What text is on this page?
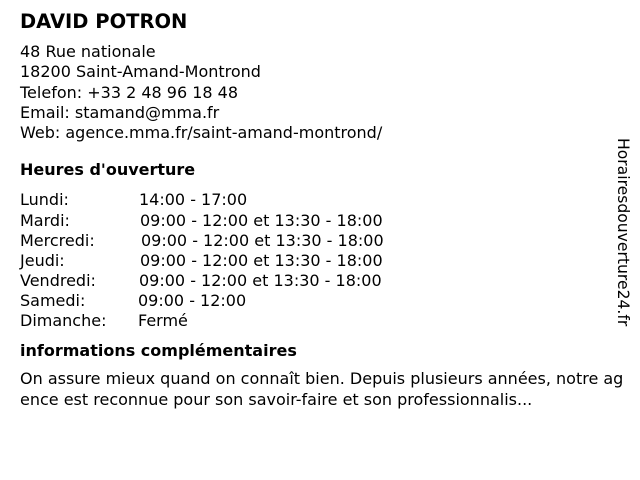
DAVID POTRON
48 Rue nationale
18200 Saint-Amand-Montrond
Telefon: +33 2 48 96 18 48
Email: stamand@mma.fr
Web: agence.mma.fr/saint-amand-montrond/
Heures d'ouverture
Lundi:	14:00 - 17:00
Mardi:	09:00 - 12:00 et 13:30 - 18:00
Mercredi:	09:00 - 12:00 et 13:30 - 18:00
Jeudi:	09:00 - 12:00 et 13:30 - 18:00
Vendredi:	09:00 - 12:00 et 13:30 - 18:00
Samedi:	09:00 - 12:00
Dimanche: Fermé
informations complémentaires
On assure mieux quand on connaît bien. Depuis plusieurs années, notre agence est reconnue pour son savoir-faire et son professionnalis...
Horairesdouverture24.fr
